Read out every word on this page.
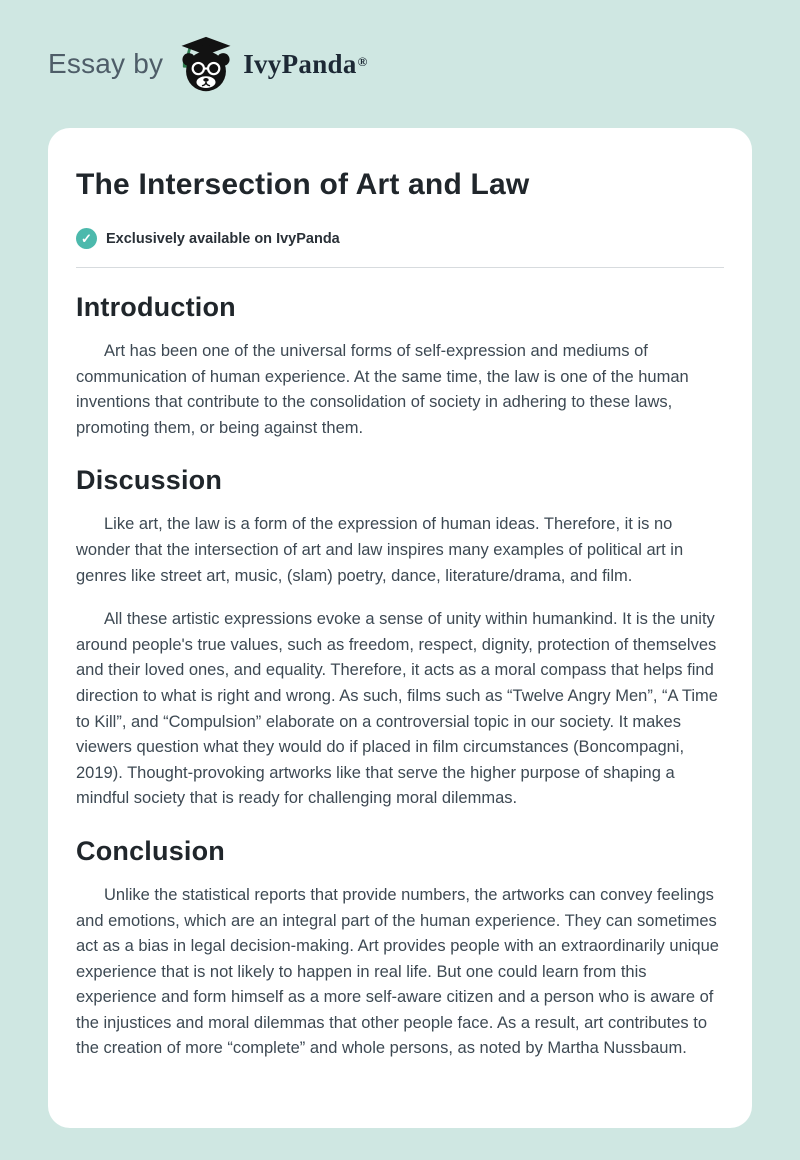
Essay by	IvyPanda®
The Intersection of Art and Law
✓ Exclusively available on IvyPanda
Introduction

Art has been one of the universal forms of self-expression and mediums of communication of human experience. At the same time, the law is one of the human inventions that contribute to the consolidation of society in adhering to these laws, promoting them, or being against them.

Discussion

Like art, the law is a form of the expression of human ideas. Therefore, it is no wonder that the intersection of art and law inspires many examples of political art in genres like street art, music, (slam) poetry, dance, literature/drama, and film.

All these artistic expressions evoke a sense of unity within humankind. It is the unity around people's true values, such as freedom, respect, dignity, protection of themselves and their loved ones, and equality. Therefore, it acts as a moral compass that helps find direction to what is right and wrong. As such, films such as “Twelve Angry Men”, “A Time to Kill”, and “Compulsion” elaborate on a controversial topic in our society. It makes viewers question what they would do if placed in film circumstances (Boncompagni, 2019). Thought-provoking artworks like that serve the higher purpose of shaping a mindful society that is ready for challenging moral dilemmas.

Conclusion

Unlike the statistical reports that provide numbers, the artworks can convey feelings and emotions, which are an integral part of the human experience. They can sometimes act as a bias in legal decision-making. Art provides people with an extraordinarily unique experience that is not likely to happen in real life. But one could learn from this experience and form himself as a more self-aware citizen and a person who is aware of the injustices and moral dilemmas that other people face. As a result, art contributes to the creation of more “complete” and whole persons, as noted by Martha Nussbaum.
